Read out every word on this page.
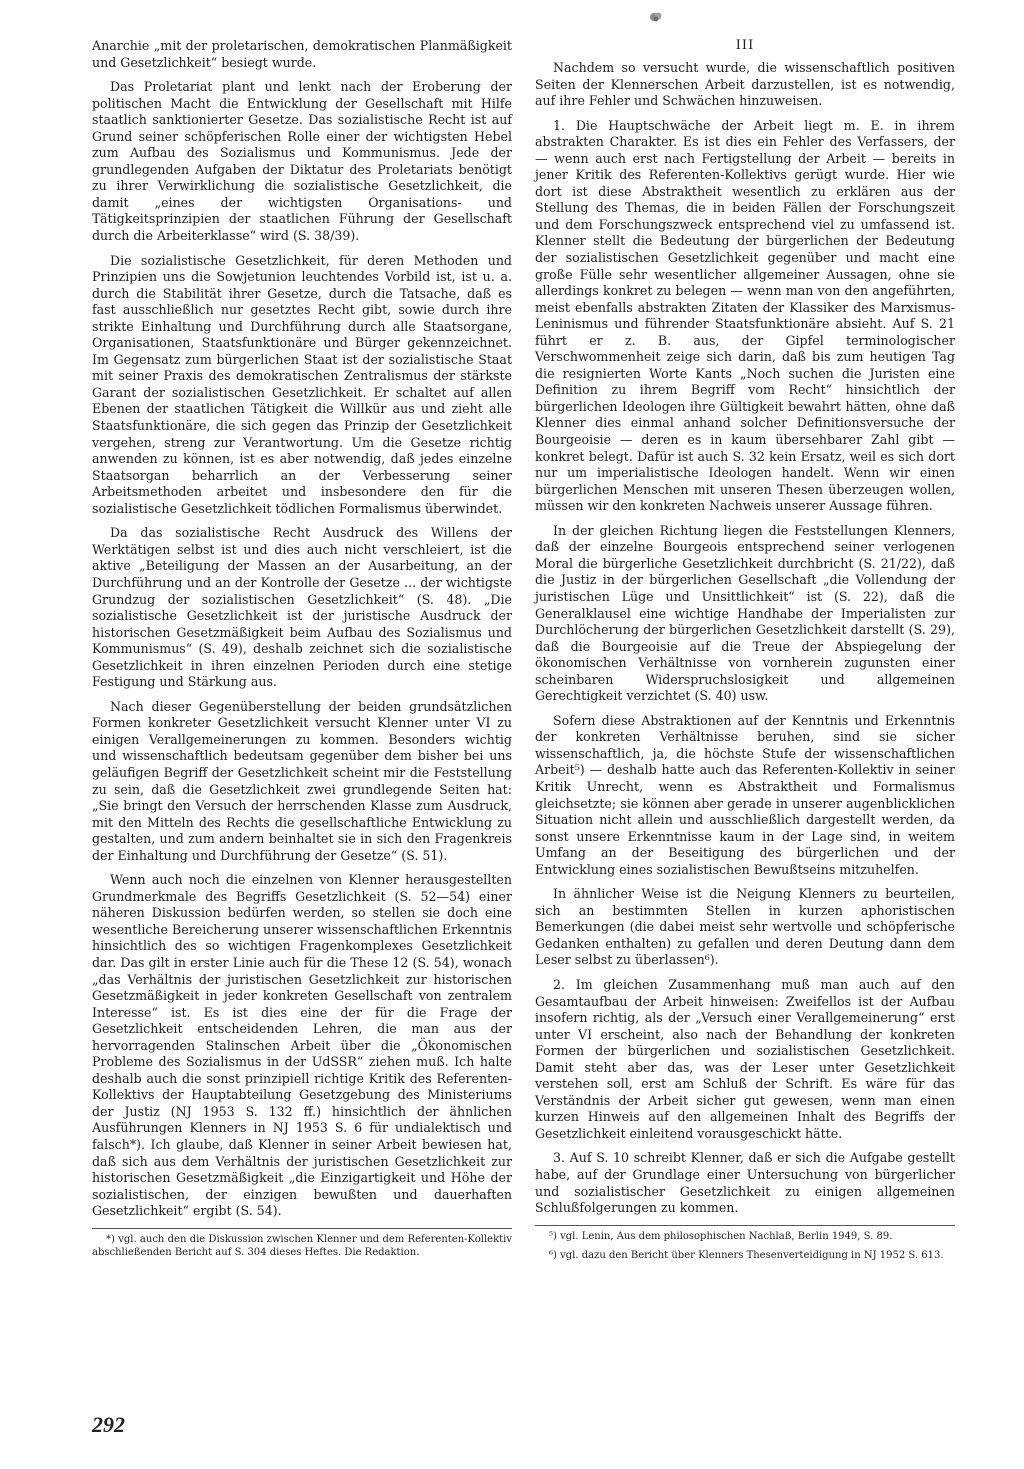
Anarchie „mit der proletarischen, demokratischen Planmäßigkeit und Gesetzlichkeit“ besiegt wurde.

Das Proletariat plant und lenkt nach der Eroberung der politischen Macht die Entwicklung der Gesellschaft mit Hilfe staatlich sanktionierter Gesetze. Das sozialistische Recht ist auf Grund seiner schöpferischen Rolle einer der wichtigsten Hebel zum Aufbau des Sozialismus und Kommunismus. Jede der grundlegenden Aufgaben der Diktatur des Proletariats benötigt zu ihrer Verwirklichung die sozialistische Gesetzlichkeit, die damit „eines der wichtigsten Organisations- und Tätigkeitsprinzipien der staatlichen Führung der Gesellschaft durch die Arbeiterklasse“ wird (S. 38/39).

Die sozialistische Gesetzlichkeit, für deren Methoden und Prinzipien uns die Sowjetunion leuchtendes Vorbild ist, ist u. a. durch die Stabilität ihrer Gesetze, durch die Tatsache, daß es fast ausschließlich nur gesetztes Recht gibt, sowie durch ihre strikte Einhaltung und Durchführung durch alle Staatsorgane, Organisationen, Staatsfunktionäre und Bürger gekennzeichnet. Im Gegensatz zum bürgerlichen Staat ist der sozialistische Staat mit seiner Praxis des demokratischen Zentralismus der stärkste Garant der sozialistischen Gesetzlichkeit. Er schaltet auf allen Ebenen der staatlichen Tätigkeit die Willkür aus und zieht alle Staatsfunktionäre, die sich gegen das Prinzip der Gesetzlichkeit vergehen, streng zur Verantwortung. Um die Gesetze richtig anwenden zu können, ist es aber notwendig, daß jedes einzelne Staatsorgan beharrlich an der Verbesserung seiner Arbeitsmethoden arbeitet und insbesondere den für die sozialistische Gesetzlichkeit tödlichen Formalismus überwindet.

Da das sozialistische Recht Ausdruck des Willens der Werktätigen selbst ist und dies auch nicht verschleiert, ist die aktive „Beteiligung der Massen an der Ausarbeitung, an der Durchführung und an der Kontrolle der Gesetze ... der wichtigste Grundzug der sozialistischen Gesetzlichkeit“ (S. 48). „Die sozialistische Gesetzlichkeit ist der juristische Ausdruck der historischen Gesetzmäßigkeit beim Aufbau des Sozialismus und Kommunismus“ (S. 49), deshalb zeichnet sich die sozialistische Gesetzlichkeit in ihren einzelnen Perioden durch eine stetige Festigung und Stärkung aus.

Nach dieser Gegenüberstellung der beiden grundsätzlichen Formen konkreter Gesetzlichkeit versucht Klenner unter VI zu einigen Verallgemeinerungen zu kommen. Besonders wichtig und wissenschaftlich bedeutsam gegenüber dem bisher bei uns geläufigen Begriff der Gesetzlichkeit scheint mir die Feststellung zu sein, daß die Gesetzlichkeit zwei grundlegende Seiten hat: „Sie bringt den Versuch der herrschenden Klasse zum Ausdruck, mit den Mitteln des Rechts die gesellschaftliche Entwicklung zu gestalten, und zum andern beinhaltet sie in sich den Fragenkreis der Einhaltung und Durchführung der Gesetze“ (S. 51).

Wenn auch noch die einzelnen von Klenner herausgestellten Grundmerkmale des Begriffs Gesetzlichkeit (S. 52—54) einer näheren Diskussion bedürfen werden, so stellen sie doch eine wesentliche Bereicherung unserer wissenschaftlichen Erkenntnis hinsichtlich des so wichtigen Fragenkomplexes Gesetzlichkeit dar. Das gilt in erster Linie auch für die These 12 (S. 54), wonach „das Verhältnis der juristischen Gesetzlichkeit zur historischen Gesetzmäßigkeit in jeder konkreten Gesellschaft von zentralem Interesse“ ist. Es ist dies eine der für die Frage der Gesetzlichkeit entscheidenden Lehren, die man aus der hervorragenden Stalinschen Arbeit über die „Ökonomischen Probleme des Sozialismus in der UdSSR“ ziehen muß. Ich halte deshalb auch die sonst prinzipiell richtige Kritik des Referenten-Kollektivs der Hauptabteilung Gesetzgebung des Ministeriums der Justiz (NJ 1953 S. 132 ff.) hinsichtlich der ähnlichen Ausführungen Klenners in NJ 1953 S. 6 für undialektisch und falsch*). Ich glaube, daß Klenner in seiner Arbeit bewiesen hat, daß sich aus dem Verhältnis der juristischen Gesetzlichkeit zur historischen Gesetzmäßigkeit „die Einzigartigkeit und Höhe der sozialistischen, der einzigen bewußten und dauerhaften Gesetzlichkeit“ ergibt (S. 54).

*) vgl. auch den die Diskussion zwischen Klenner und dem Referenten-Kollektiv abschließenden Bericht auf S. 304 dieses Heftes. Die Redaktion.

III

Nachdem so versucht wurde, die wissenschaftlich positiven Seiten der Klennerschen Arbeit darzustellen, ist es notwendig, auf ihre Fehler und Schwächen hinzuweisen.

1. Die Hauptschwäche der Arbeit liegt m. E. in ihrem abstrakten Charakter. Es ist dies ein Fehler des Verfassers, der — wenn auch erst nach Fertigstellung der Arbeit — bereits in jener Kritik des Referenten-Kollektivs gerügt wurde. Hier wie dort ist diese Abstraktheit wesentlich zu erklären aus der Stellung des Themas, die in beiden Fällen der Forschungszeit und dem Forschungszweck entsprechend viel zu umfassend ist. Klenner stellt die Bedeutung der bürgerlichen der Bedeutung der sozialistischen Gesetzlichkeit gegenüber und macht eine große Fülle sehr wesentlicher allgemeiner Aussagen, ohne sie allerdings konkret zu belegen — wenn man von den angeführten, meist ebenfalls abstrakten Zitaten der Klassiker des Marxismus-Leninismus und führender Staatsfunktionäre absieht. Auf S. 21 führt er z. B. aus, der Gipfel terminologischer Verschwommenheit zeige sich darin, daß bis zum heutigen Tag die resignierten Worte Kants „Noch suchen die Juristen eine Definition zu ihrem Begriff vom Recht“ hinsichtlich der bürgerlichen Ideologen ihre Gültigkeit bewahrt hätten, ohne daß Klenner dies einmal anhand solcher Definitionsversuche der Bourgeoisie — deren es in kaum übersehbarer Zahl gibt — konkret belegt. Dafür ist auch S. 32 kein Ersatz, weil es sich dort nur um imperialistische Ideologen handelt. Wenn wir einen bürgerlichen Menschen mit unseren Thesen überzeugen wollen, müssen wir den konkreten Nachweis unserer Aussage führen.

In der gleichen Richtung liegen die Feststellungen Klenners, daß der einzelne Bourgeois entsprechend seiner verlogenen Moral die bürgerliche Gesetzlichkeit durchbricht (S. 21/22), daß die Justiz in der bürgerlichen Gesellschaft „die Vollendung der juristischen Lüge und Unsittlichkeit“ ist (S. 22), daß die Generalklausel eine wichtige Handhabe der Imperialisten zur Durchlöcherung der bürgerlichen Gesetzlichkeit darstellt (S. 29), daß die Bourgeoisie auf die Treue der Abspiegelung der ökonomischen Verhältnisse von vornherein zugunsten einer scheinbaren Widerspruchslosigkeit und allgemeinen Gerechtigkeit verzichtet (S. 40) usw.

Sofern diese Abstraktionen auf der Kenntnis und Erkenntnis der konkreten Verhältnisse beruhen, sind sie sicher wissenschaftlich, ja, die höchste Stufe der wissenschaftlichen Arbeit⁵) — deshalb hatte auch das Referenten-Kollektiv in seiner Kritik Unrecht, wenn es Abstraktheit und Formalismus gleichsetzte; sie können aber gerade in unserer augenblicklichen Situation nicht allein und ausschließlich dargestellt werden, da sonst unsere Erkenntnisse kaum in der Lage sind, in weitem Umfang an der Beseitigung des bürgerlichen und der Entwicklung eines sozialistischen Bewußtseins mitzuhelfen.

In ähnlicher Weise ist die Neigung Klenners zu beurteilen, sich an bestimmten Stellen in kurzen aphoristischen Bemerkungen (die dabei meist sehr wertvolle und schöpferische Gedanken enthalten) zu gefallen und deren Deutung dann dem Leser selbst zu überlassen⁶).

2. Im gleichen Zusammenhang muß man auch auf den Gesamtaufbau der Arbeit hinweisen: Zweifellos ist der Aufbau insofern richtig, als der „Versuch einer Verallgemeinerung“ erst unter VI erscheint, also nach der Behandlung der konkreten Formen der bürgerlichen und sozialistischen Gesetzlichkeit. Damit steht aber das, was der Leser unter Gesetzlichkeit verstehen soll, erst am Schluß der Schrift. Es wäre für das Verständnis der Arbeit sicher gut gewesen, wenn man einen kurzen Hinweis auf den allgemeinen Inhalt des Begriffs der Gesetzlichkeit einleitend vorausgeschickt hätte.

3. Auf S. 10 schreibt Klenner, daß er sich die Aufgabe gestellt habe, auf der Grundlage einer Untersuchung von bürgerlicher und sozialistischer Gesetzlichkeit zu einigen allgemeinen Schlußfolgerungen zu kommen.

⁵) vgl. Lenin, Aus dem philosophischen Nachlaß, Berlin 1949, S. 89.

⁶) vgl. dazu den Bericht über Klenners Thesenverteidigung in NJ 1952 S. 613.

292
